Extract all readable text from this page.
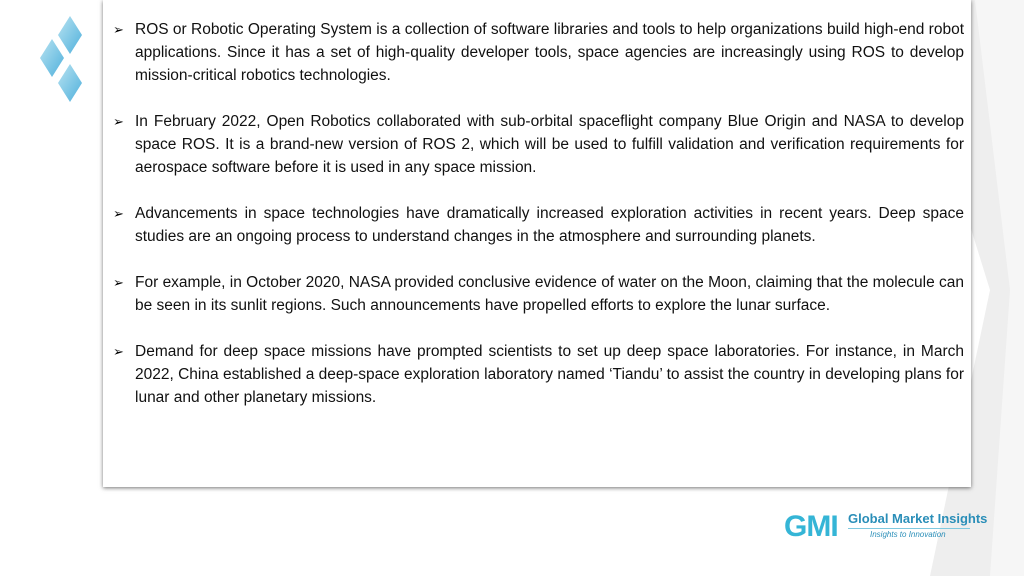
➢ ROS or Robotic Operating System is a collection of software libraries and tools to help organizations build high-end robot applications. Since it has a set of high-quality developer tools, space agencies are increasingly using ROS to develop mission-critical robotics technologies.
➢ In February 2022, Open Robotics collaborated with sub-orbital spaceflight company Blue Origin and NASA to develop space ROS. It is a brand-new version of ROS 2, which will be used to fulfill validation and verification requirements for aerospace software before it is used in any space mission.
➢ Advancements in space technologies have dramatically increased exploration activities in recent years. Deep space studies are an ongoing process to understand changes in the atmosphere and surrounding planets.
➢ For example, in October 2020, NASA provided conclusive evidence of water on the Moon, claiming that the molecule can be seen in its sunlit regions. Such announcements have propelled efforts to explore the lunar surface.
➢ Demand for deep space missions have prompted scientists to set up deep space laboratories. For instance, in March 2022, China established a deep-space exploration laboratory named ‘Tiandu’ to assist the country in developing plans for lunar and other planetary missions.
GMI Global Market Insights
Insights to Innovation
